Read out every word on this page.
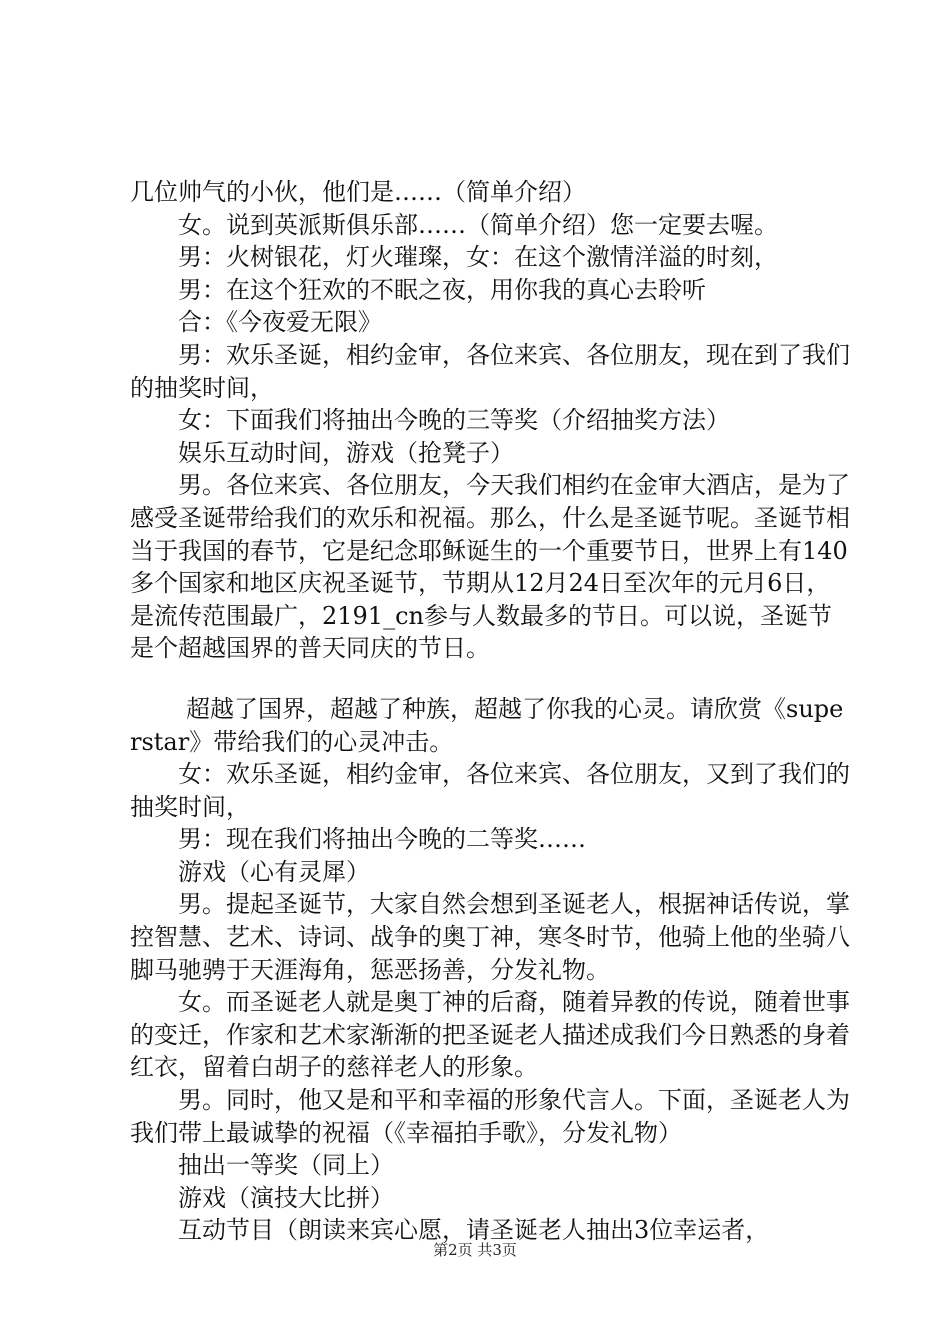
几位帅气的小伙，他们是……（简单介绍）

女。说到英派斯俱乐部……（简单介绍）您一定要去喔。

男：火树银花，灯火璀璨，女：在这个激情洋溢的时刻，

男：在这个狂欢的不眠之夜，用你我的真心去聆听

合：《今夜爱无限》

男：欢乐圣诞，相约金审，各位来宾、各位朋友，现在到了我们的抽奖时间，

女：下面我们将抽出今晚的三等奖（介绍抽奖方法）

娱乐互动时间，游戏（抢凳子）

男。各位来宾、各位朋友，今天我们相约在金审大酒店，是为了感受圣诞带给我们的欢乐和祝福。那么，什么是圣诞节呢。圣诞节相当于我国的春节，它是纪念耶稣诞生的一个重要节日，世界上有140多个国家和地区庆祝圣诞节，节期从12月24日至次年的元月6日，是流传范围最广，2191_cn参与人数最多的节日。可以说，圣诞节是个超越国界的普天同庆的节日。

超越了国界，超越了种族，超越了你我的心灵。请欣赏《superstar》带给我们的心灵冲击。

女：欢乐圣诞，相约金审，各位来宾、各位朋友，又到了我们的抽奖时间，

男：现在我们将抽出今晚的二等奖……

游戏（心有灵犀）

男。提起圣诞节，大家自然会想到圣诞老人，根据神话传说，掌控智慧、艺术、诗词、战争的奥丁神，寒冬时节，他骑上他的坐骑八脚马驰骋于天涯海角，惩恶扬善，分发礼物。

女。而圣诞老人就是奥丁神的后裔，随着异教的传说，随着世事的变迁，作家和艺术家渐渐的把圣诞老人描述成我们今日熟悉的身着红衣，留着白胡子的慈祥老人的形象。

男。同时，他又是和平和幸福的形象代言人。下面，圣诞老人为我们带上最诚挚的祝福（《幸福拍手歌》，分发礼物）

抽出一等奖（同上）

游戏（演技大比拼）

互动节目（朗读来宾心愿，请圣诞老人抽出3位幸运者，

第2页 共3页
